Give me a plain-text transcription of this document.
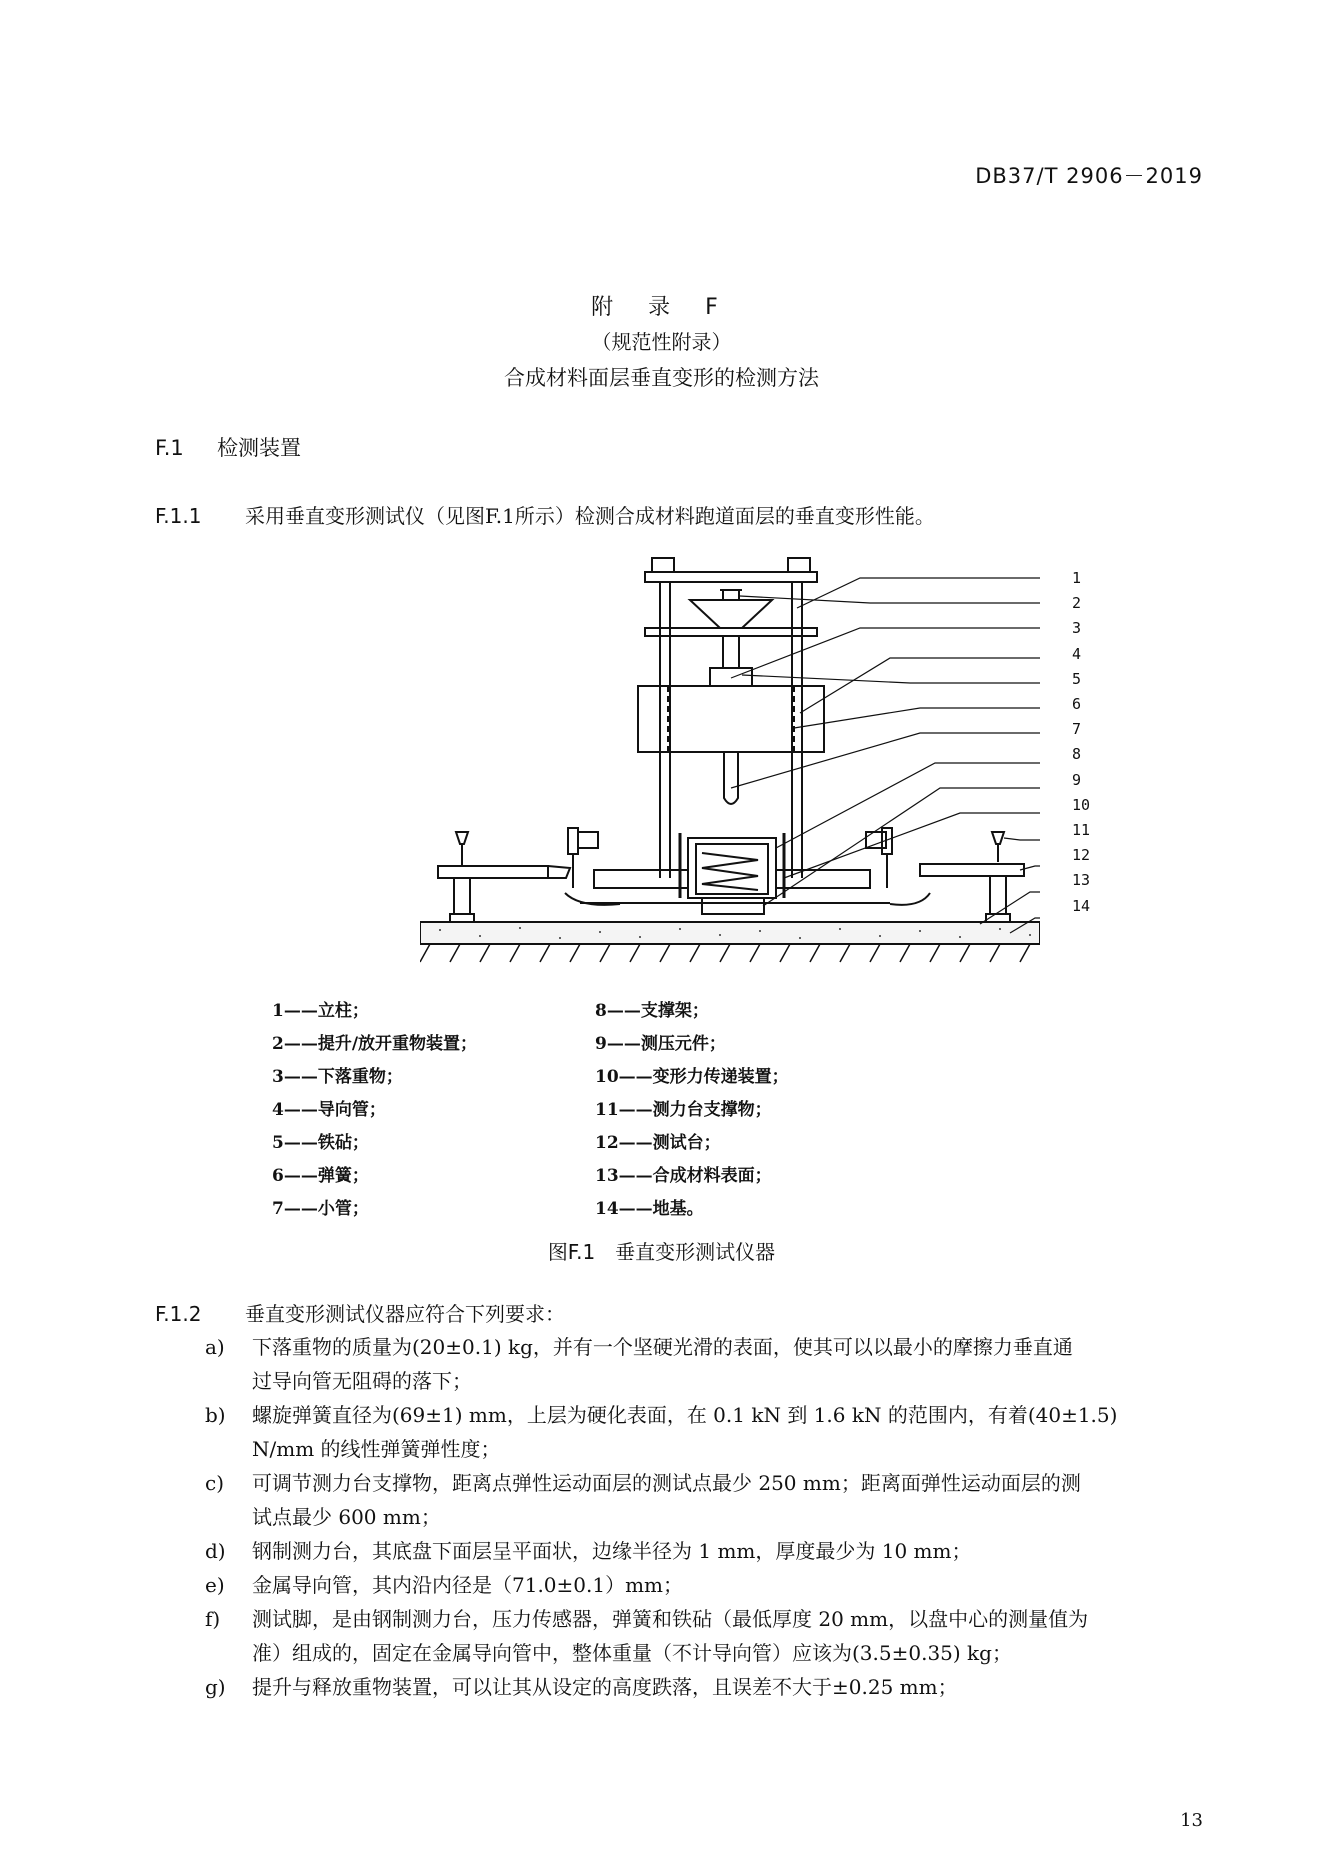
DB37/T 2906－2019
附 录 F
（规范性附录）
合成材料面层垂直变形的检测方法
F.1 检测装置
F.1.1 采用垂直变形测试仪（见图F.1所示）检测合成材料跑道面层的垂直变形性能。
1
2
3
4
5
6
7
8
9
10
11
12
13
14
1——立柱；
2——提升/放开重物装置；
3——下落重物；
4——导向管；
5——铁砧；
6——弹簧；
7——小管；
8——支撑架；
9——测压元件；
10——变形力传递装置；
11——测力台支撑物；
12——测试台；
13——合成材料表面；
14——地基。
图F.1　垂直变形测试仪器
F.1.2 垂直变形测试仪器应符合下列要求：
a) 下落重物的质量为(20±0.1) kg，并有一个坚硬光滑的表面，使其可以以最小的摩擦力垂直通
过导向管无阻碍的落下；
b) 螺旋弹簧直径为(69±1) mm，上层为硬化表面，在 0.1 kN 到 1.6 kN 的范围内，有着(40±1.5)
N/mm 的线性弹簧弹性度；
c) 可调节测力台支撑物，距离点弹性运动面层的测试点最少 250 mm；距离面弹性运动面层的测
试点最少 600 mm；
d) 钢制测力台，其底盘下面层呈平面状，边缘半径为 1 mm，厚度最少为 10 mm；
e) 金属导向管，其内沿内径是（71.0±0.1）mm；
f) 测试脚，是由钢制测力台，压力传感器，弹簧和铁砧（最低厚度 20 mm，以盘中心的测量值为
准）组成的，固定在金属导向管中，整体重量（不计导向管）应该为(3.5±0.35) kg；
g) 提升与释放重物装置，可以让其从设定的高度跌落，且误差不大于±0.25 mm；
13
